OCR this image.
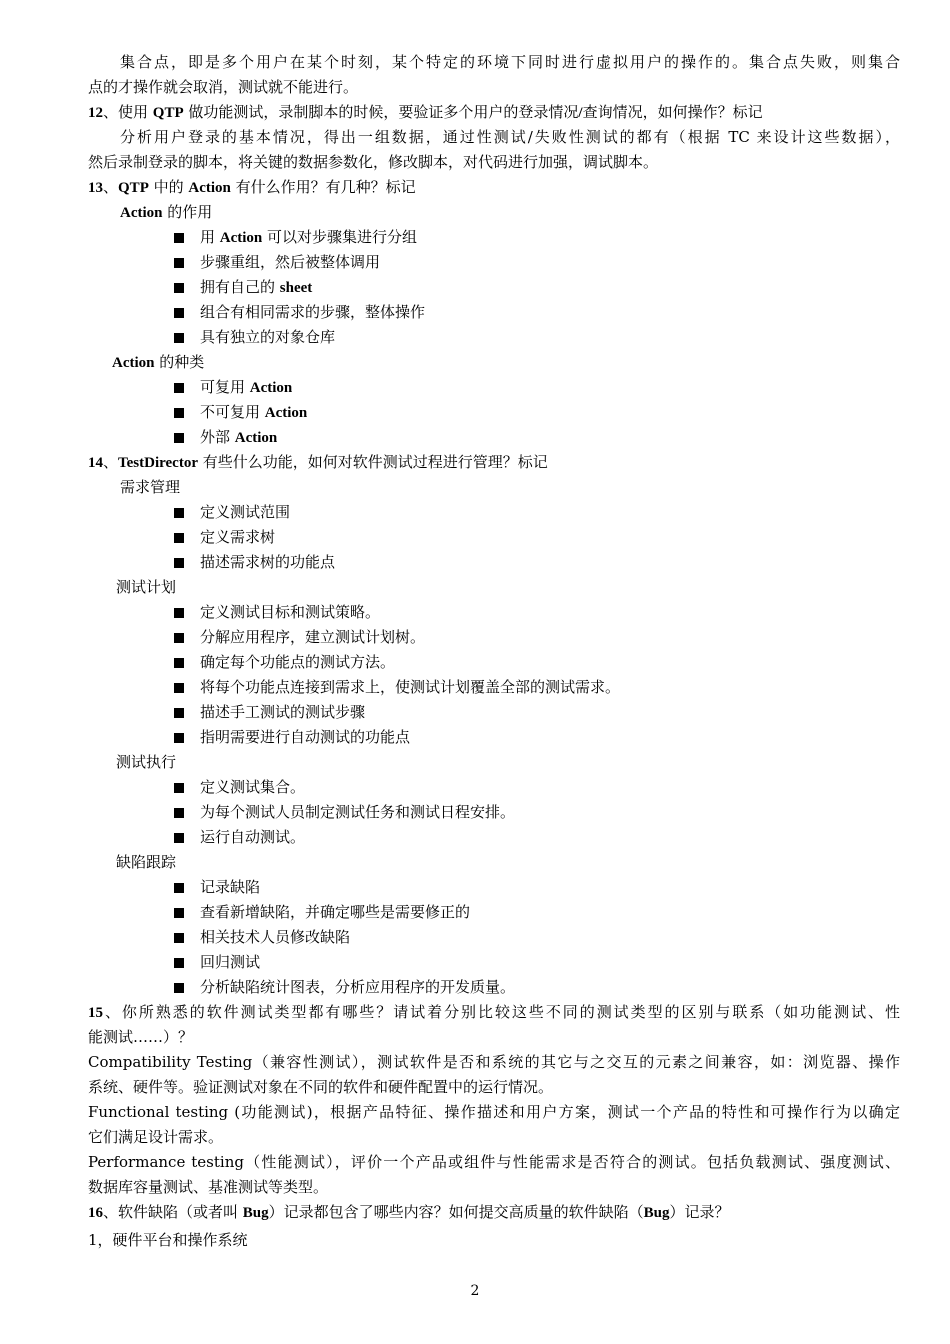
集合点，即是多个用户在某个时刻，某个特定的环境下同时进行虚拟用户的操作的。集合点失败，则集合
点的才操作就会取消，测试就不能进行。
12、使用 QTP 做功能测试，录制脚本的时候，要验证多个用户的登录情况/查询情况，如何操作？标记
分析用户登录的基本情况，得出一组数据，通过性测试/失败性测试的都有（根据 TC 来设计这些数据），
然后录制登录的脚本，将关键的数据参数化，修改脚本，对代码进行加强，调试脚本。
13、QTP 中的 Action 有什么作用？有几种？标记
Action 的作用
用 Action 可以对步骤集进行分组
步骤重组，然后被整体调用
拥有自己的 sheet
组合有相同需求的步骤，整体操作
具有独立的对象仓库
Action 的种类
可复用 Action
不可复用 Action
外部 Action
14、TestDirector 有些什么功能，如何对软件测试过程进行管理？标记
需求管理
定义测试范围
定义需求树
描述需求树的功能点
测试计划
定义测试目标和测试策略。
分解应用程序，建立测试计划树。
确定每个功能点的测试方法。
将每个功能点连接到需求上，使测试计划覆盖全部的测试需求。
描述手工测试的测试步骤
指明需要进行自动测试的功能点
测试执行
定义测试集合。
为每个测试人员制定测试任务和测试日程安排。
运行自动测试。
缺陷跟踪
记录缺陷
查看新增缺陷，并确定哪些是需要修正的
相关技术人员修改缺陷
回归测试
分析缺陷统计图表，分析应用程序的开发质量。
15、你所熟悉的软件测试类型都有哪些？请试着分别比较这些不同的测试类型的区别与联系（如功能测试、性
能测试……）？
Compatibility Testing（兼容性测试），测试软件是否和系统的其它与之交互的元素之间兼容，如：浏览器、操作
系统、硬件等。验证测试对象在不同的软件和硬件配置中的运行情况。
Functional testing (功能测试)，根据产品特征、操作描述和用户方案，测试一个产品的特性和可操作行为以确定
它们满足设计需求。
Performance testing（性能测试），评价一个产品或组件与性能需求是否符合的测试。包括负载测试、强度测试、
数据库容量测试、基准测试等类型。
16、软件缺陷（或者叫 Bug）记录都包含了哪些内容？如何提交高质量的软件缺陷（Bug）记录？
1，硬件平台和操作系统
2
